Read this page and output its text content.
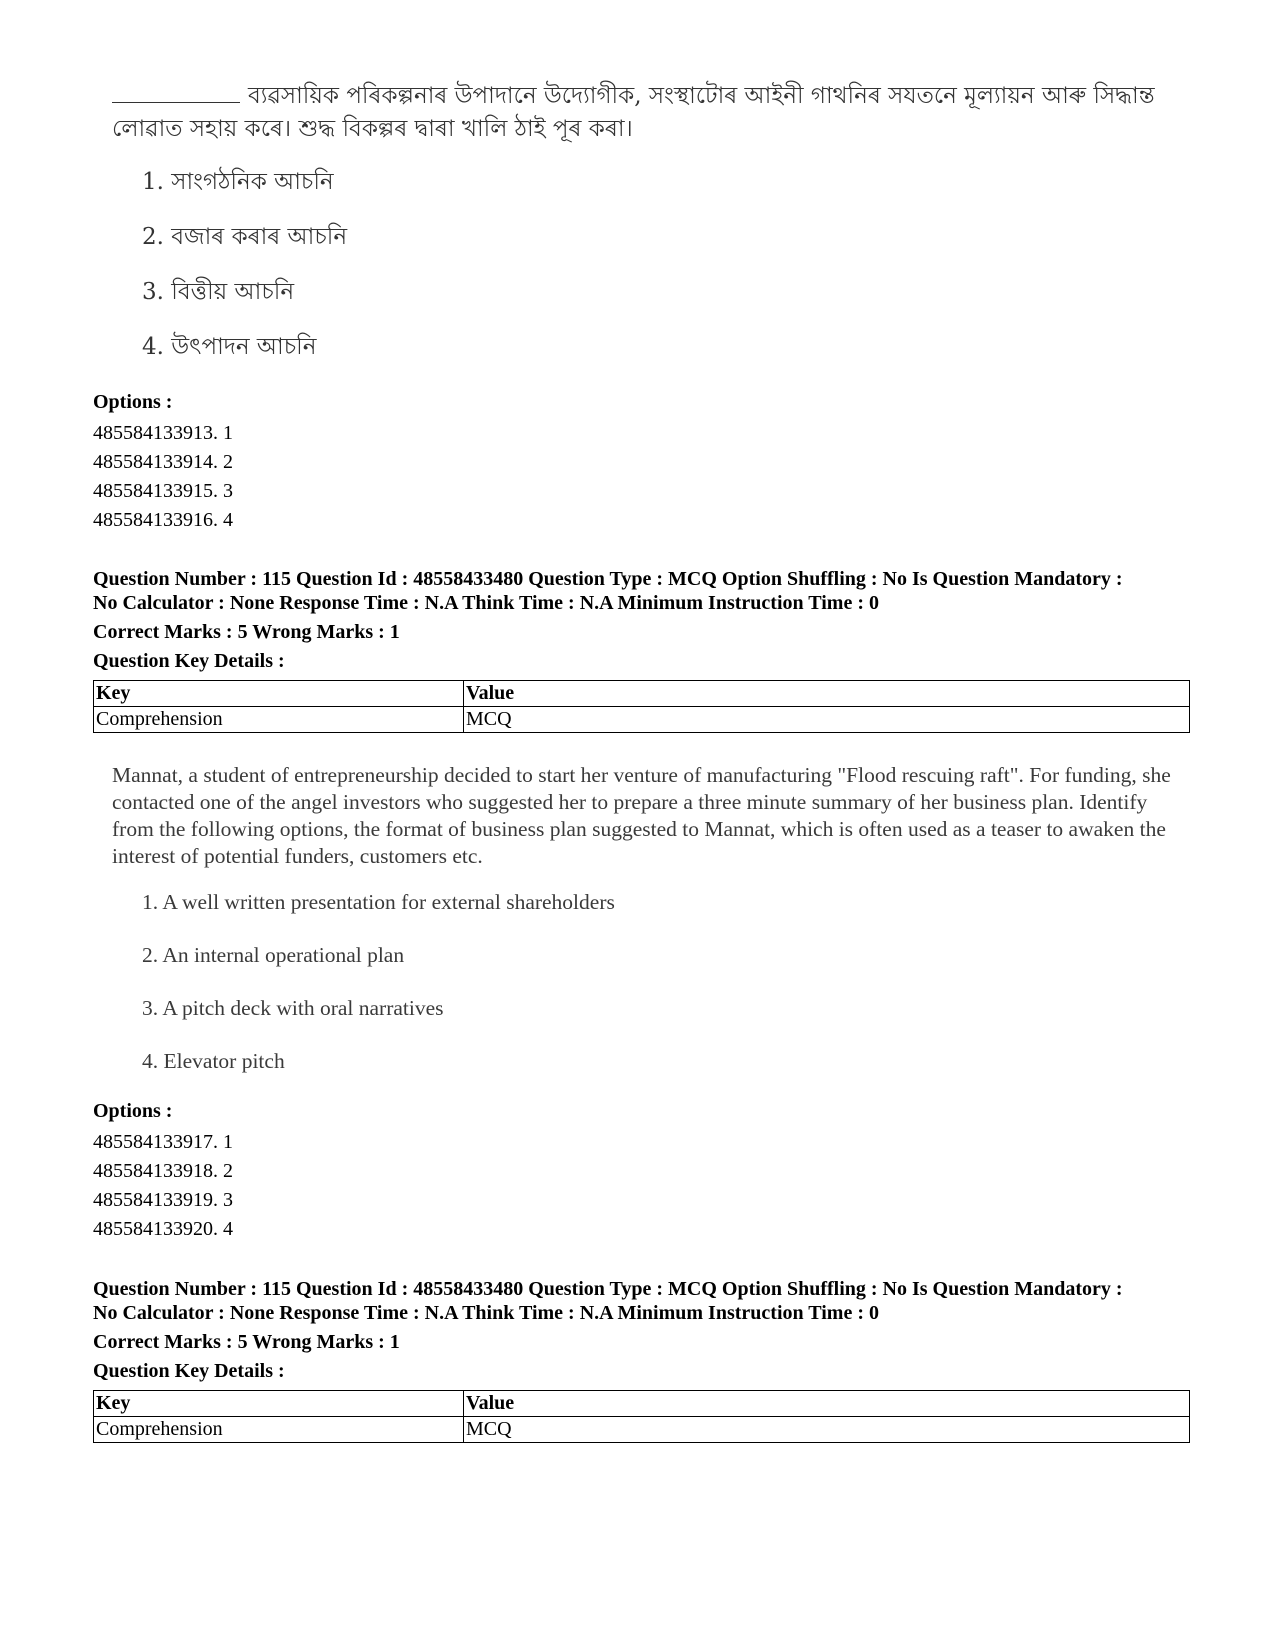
ব্যৱসায়িক পৰিকল্পনাৰ উপাদানে উদ্যোগীক, সংস্থাটোৰ আইনী গাথনিৰ সযতনে মূল্যায়ন আৰু সিদ্ধান্ত লোৱাত সহায় কৰে। শুদ্ধ বিকল্পৰ দ্বাৰা খালি ঠাই পূৰ কৰা।

1. সাংগঠনিক আচনি
2. বজাৰ কৰাৰ আচনি
3. বিত্তীয় আচনি
4. উৎপাদন আচনি
Options :
485584133913. 1
485584133914. 2
485584133915. 3
485584133916. 4

Question Number : 115 Question Id : 48558433480 Question Type : MCQ Option Shuffling : No Is Question Mandatory :

No Calculator : None Response Time : N.A Think Time : N.A Minimum Instruction Time : 0

Correct Marks : 5 Wrong Marks : 1

Question Key Details :

Key	Value
Comprehension	MCQ

Mannat, a student of entrepreneurship decided to start her venture of manufacturing "Flood rescuing raft". For funding, she contacted one of the angel investors who suggested her to prepare a three minute summary of her business plan. Identify from the following options, the format of business plan suggested to Mannat, which is often used as a teaser to awaken the interest of potential funders, customers etc.

1. A well written presentation for external shareholders
2. An internal operational plan
3. A pitch deck with oral narratives
4. Elevator pitch
Options :
485584133917. 1
485584133918. 2
485584133919. 3
485584133920. 4

Question Number : 115 Question Id : 48558433480 Question Type : MCQ Option Shuffling : No Is Question Mandatory :

No Calculator : None Response Time : N.A Think Time : N.A Minimum Instruction Time : 0

Correct Marks : 5 Wrong Marks : 1

Question Key Details :

Key	Value
Comprehension	MCQ
